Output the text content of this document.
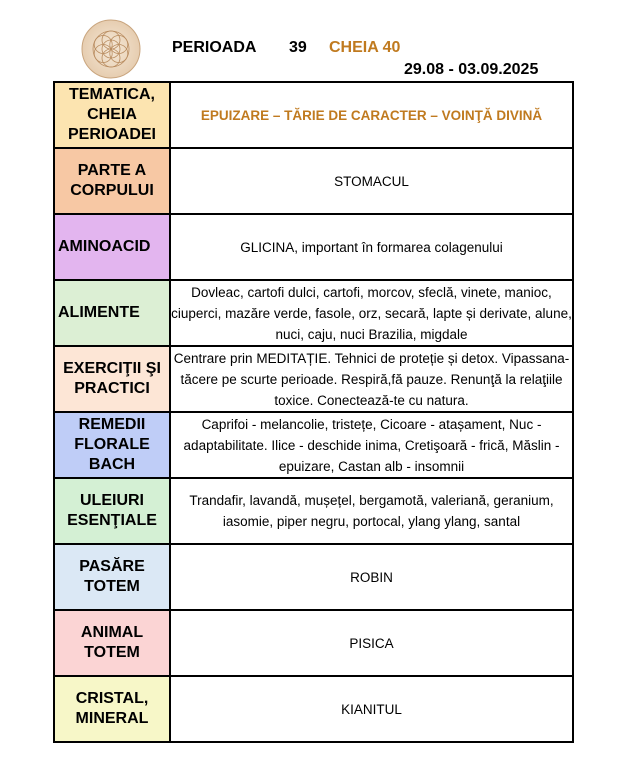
PERIOADA 39 CHEIA 40
29.08 - 03.09.2025
TEMATICA, CHEIA PERIOADEI	EPUIZARE – TĂRIE DE CARACTER – VOINŢĂ DIVINĂ
PARTE A CORPULUI	STOMACUL
AMINOACID	GLICINA, important în formarea colagenului
ALIMENTE	Dovleac, cartofi dulci, cartofi, morcov, sfeclă, vinete, manioc, ciuperci, mazăre verde, fasole, orz, secară, lapte și derivate, alune, nuci, caju, nuci Brazilia, migdale
EXERCIŢII ŞI PRACTICI	Centrare prin MEDITAȚIE. Tehnici de proteție și detox. Vipassana- tăcere pe scurte perioade. Respiră,fă pauze. Renunţă la relaţiile toxice. Conectează-te cu natura.
REMEDII FLORALE BACH	Caprifoi - melancolie, tristețe, Cicoare - atașament, Nuc - adaptabilitate. Ilice - deschide inima, Cretişoară - frică, Măslin - epuizare, Castan alb - insomnii
ULEIURI ESENŢIALE	Trandafir, lavandă, mușețel, bergamotă, valeriană, geranium, iasomie, piper negru, portocal, ylang ylang, santal
PASĂRE TOTEM	ROBIN
ANIMAL TOTEM	PISICA
CRISTAL, MINERAL	KIANITUL
